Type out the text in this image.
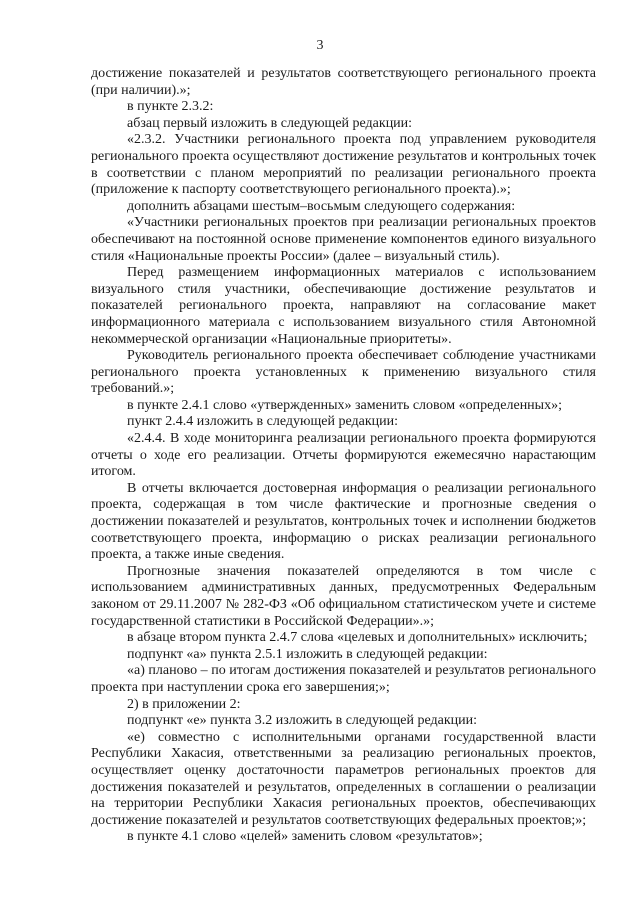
3

достижение показателей и результатов соответствующего регионального проекта (при наличии).»;

в пункте 2.3.2:

абзац первый изложить в следующей редакции:

«2.3.2. Участники регионального проекта под управлением руководителя регионального проекта осуществляют достижение результатов и контрольных точек в соответствии с планом мероприятий по реализации регионального проекта (приложение к паспорту соответствующего регионального проекта).»;

дополнить абзацами шестым–восьмым следующего содержания:

«Участники региональных проектов при реализации региональных проектов обеспечивают на постоянной основе применение компонентов единого визуального стиля «Национальные проекты России» (далее – визуальный стиль).

Перед размещением информационных материалов с использованием визуального стиля участники, обеспечивающие достижение результатов и показателей регионального проекта, направляют на согласование макет информационного материала с использованием визуального стиля Автономной некоммерческой организации «Национальные приоритеты».

Руководитель регионального проекта обеспечивает соблюдение участниками регионального проекта установленных к применению визуального стиля требований.»;

в пункте 2.4.1 слово «утвержденных» заменить словом «определенных»;

пункт 2.4.4 изложить в следующей редакции:

«2.4.4. В ходе мониторинга реализации регионального проекта формируются отчеты о ходе его реализации. Отчеты формируются ежемесячно нарастающим итогом.

В отчеты включается достоверная информация о реализации регионального проекта, содержащая в том числе фактические и прогнозные сведения о достижении показателей и результатов, контрольных точек и исполнении бюджетов соответствующего проекта, информацию о рисках реализации регионального проекта, а также иные сведения.

Прогнозные значения показателей определяются в том числе с использованием административных данных, предусмотренных Федеральным законом от 29.11.2007 № 282-ФЗ «Об официальном статистическом учете и системе государственной статистики в Российской Федерации».»;

в абзаце втором пункта 2.4.7 слова «целевых и дополнительных» исключить;

подпункт «а» пункта 2.5.1 изложить в следующей редакции:

«а) планово – по итогам достижения показателей и результатов регионального проекта при наступлении срока его завершения;»;

2) в приложении 2:

подпункт «е» пункта 3.2 изложить в следующей редакции:

«е) совместно с исполнительными органами государственной власти Республики Хакасия, ответственными за реализацию региональных проектов, осуществляет оценку достаточности параметров региональных проектов для достижения показателей и результатов, определенных в соглашении о реализации на территории Республики Хакасия региональных проектов, обеспечивающих достижение показателей и результатов соответствующих федеральных проектов;»;

в пункте 4.1 слово «целей» заменить словом «результатов»;
